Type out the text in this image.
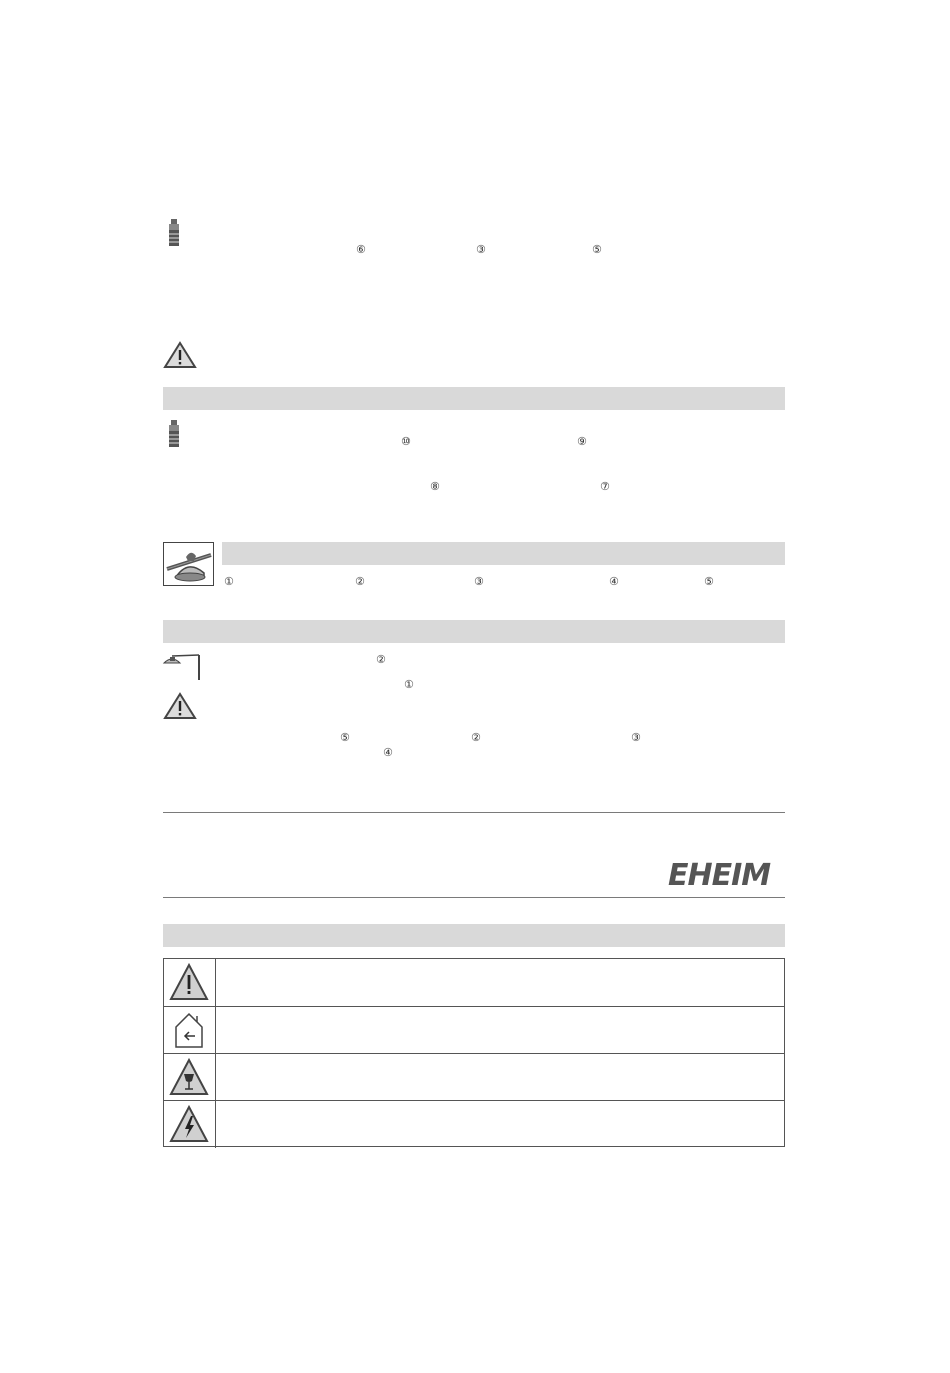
⑥	③	⑤
⑩	⑨
⑧	⑦
①	②	③	④	⑤
②
①
⑤	②	③
④
EHEIM
